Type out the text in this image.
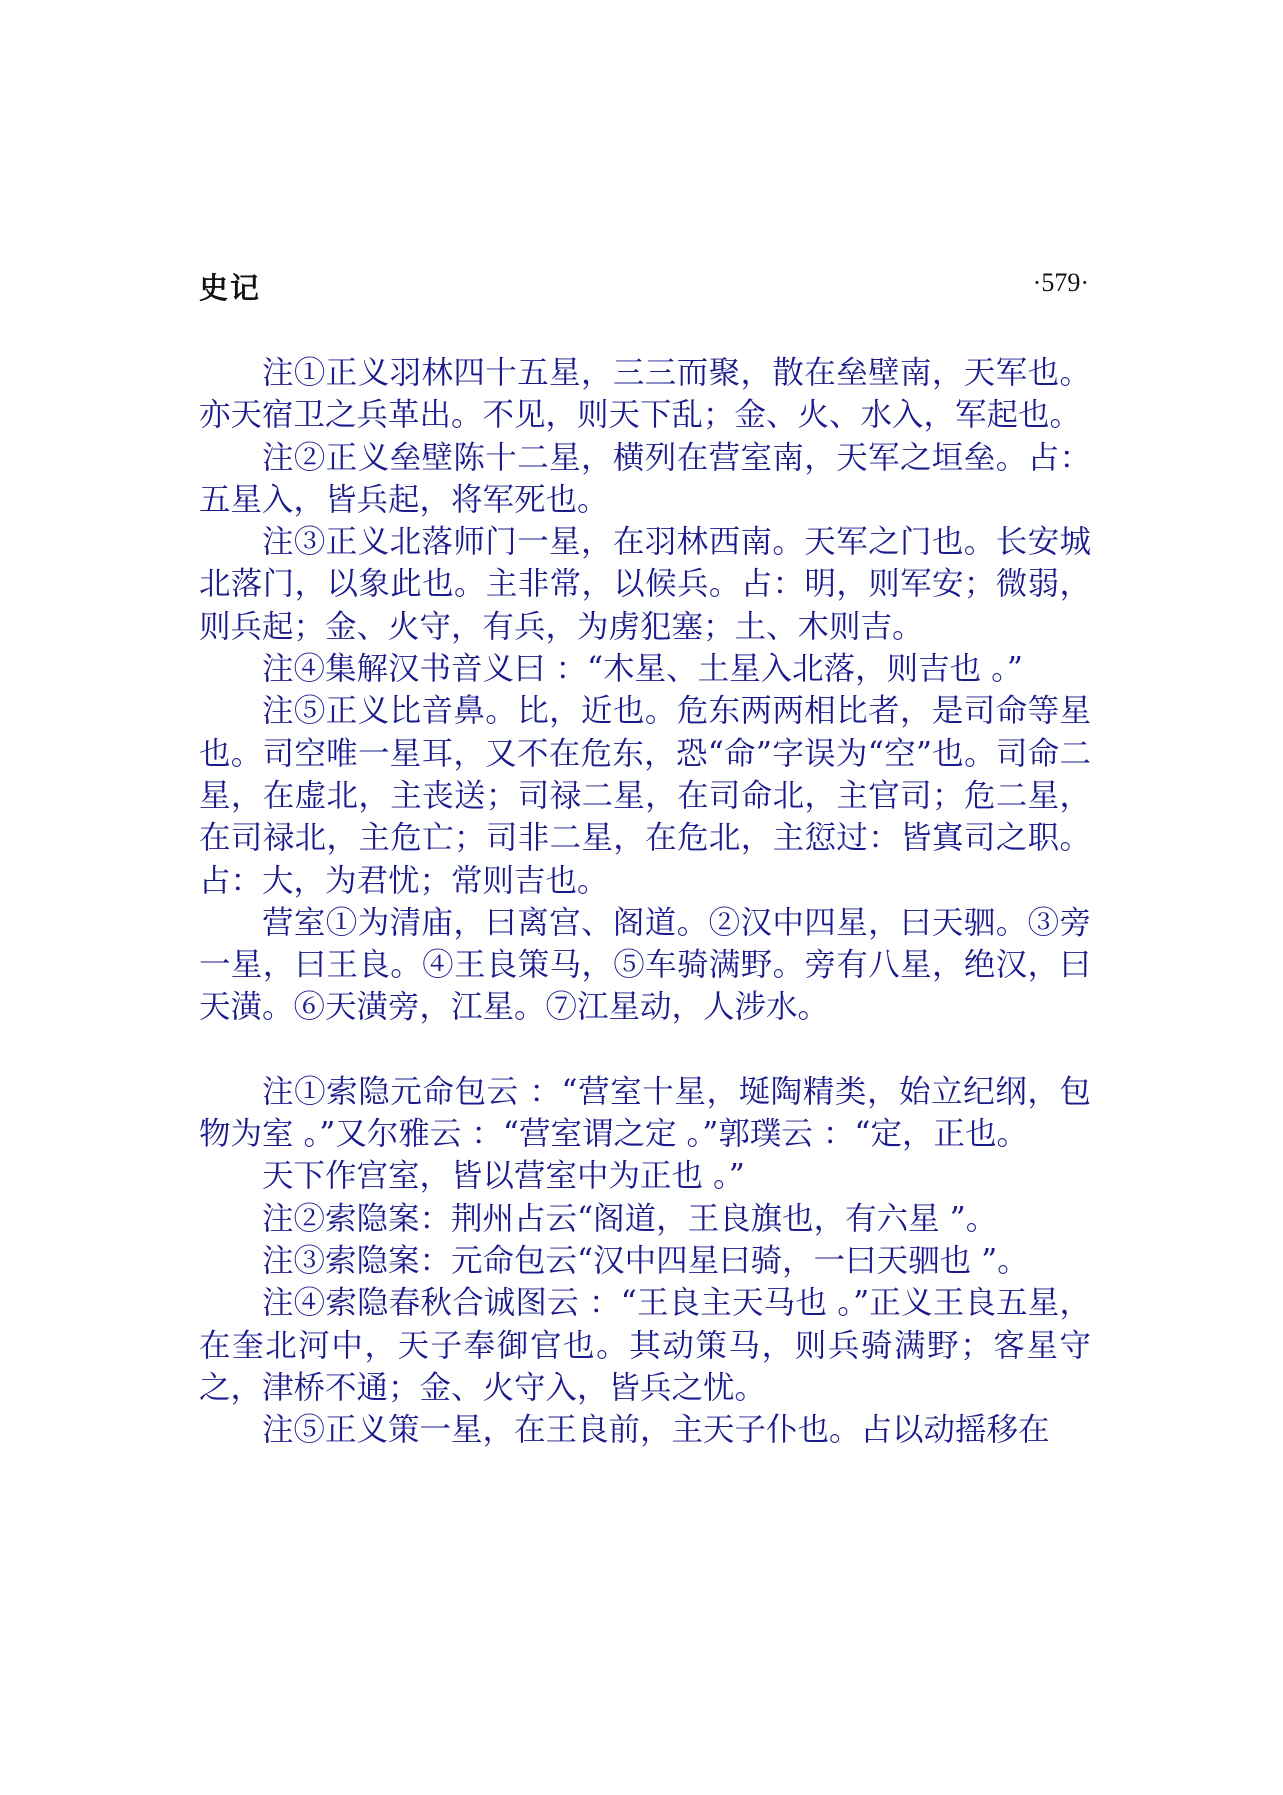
史记	·579·

注①正义羽林四十五星，三三而聚，散在垒壁南，天军也。亦天宿卫之兵革出。不见，则天下乱；金、火、水入，军起也。

注②正义垒壁陈十二星，横列在营室南，天军之垣垒。占：五星入，皆兵起，将军死也。

注③正义北落师门一星，在羽林西南。天军之门也。长安城北落门，以象此也。主非常，以候兵。占：明，则军安；微弱，则兵起；金、火守，有兵，为虏犯塞；土、木则吉。

注④集解汉书音义曰 ：“木星、土星入北落，则吉也 。”

注⑤正义比音鼻。比，近也。危东两两相比者，是司命等星也。司空唯一星耳，又不在危东，恐“命”字误为“空”也。司命二星，在虚北，主丧送；司禄二星，在司命北，主官司；危二星，在司禄北，主危亡；司非二星，在危北，主愆过：皆寘司之职。占：大，为君忧；常则吉也。

营室①为清庙，曰离宫、阁道。②汉中四星，曰天驷。③旁一星，曰王良。④王良策马，⑤车骑满野。旁有八星，绝汉，曰天潢。⑥天潢旁，江星。⑦江星动，人涉水。

注①索隐元命包云 ：“营室十星，埏陶精类，始立纪纲，包物为室 。”又尔雅云 ：“营室谓之定 。”郭璞云 ：“定，正也。

天下作宫室，皆以营室中为正也 。”

注②索隐案：荆州占云“阁道，王良旗也，有六星 ”。

注③索隐案：元命包云“汉中四星曰骑，一曰天驷也 ”。

注④索隐春秋合诚图云 ：“王良主天马也 。”正义王良五星，在奎北河中，天子奉御官也。其动策马，则兵骑满野；客星守之，津桥不通；金、火守入，皆兵之忧。

注⑤正义策一星，在王良前，主天子仆也。占以动摇移在
